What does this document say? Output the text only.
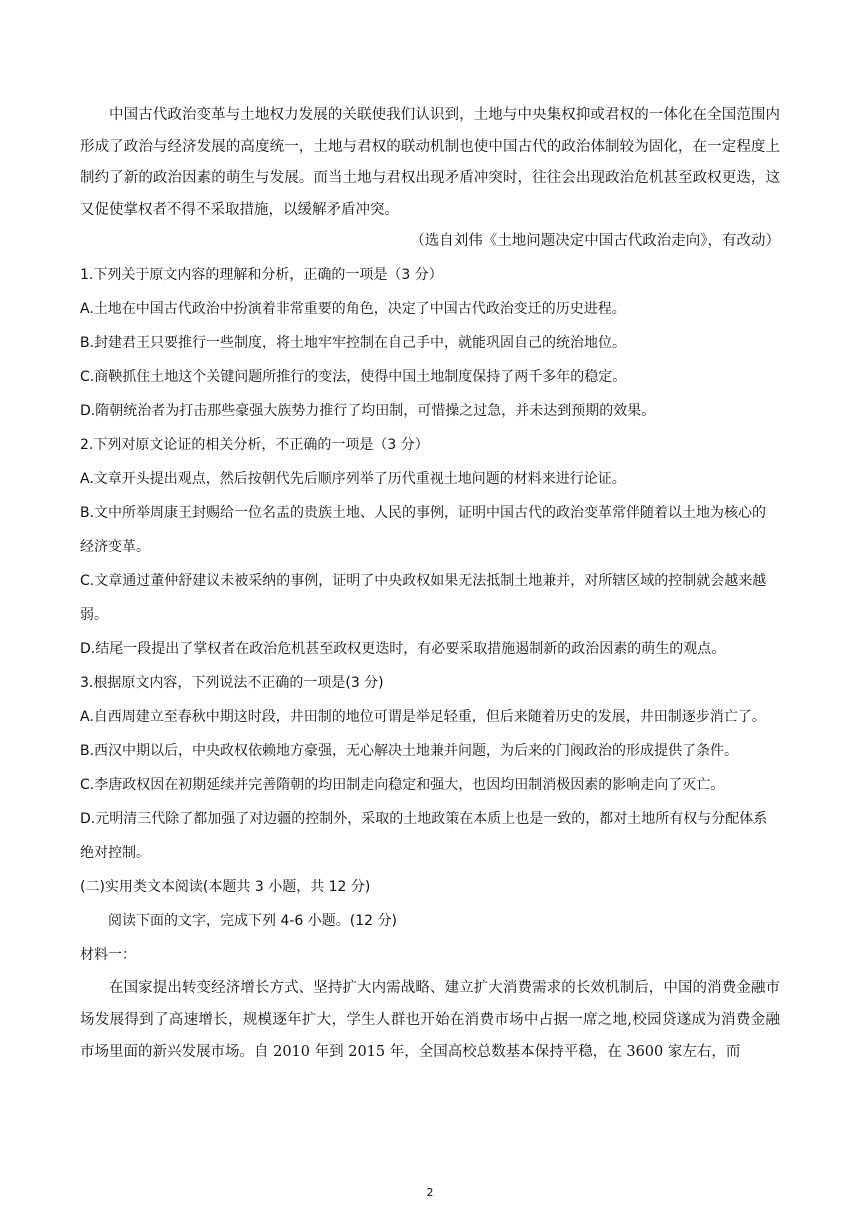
中国古代政治变革与土地权力发展的关联使我们认识到，土地与中央集权抑或君权的一体化在全国范围内形成了政治与经济发展的高度统一，土地与君权的联动机制也使中国古代的政治体制较为固化，在一定程度上制约了新的政治因素的萌生与发展。而当土地与君权出现矛盾冲突时，往往会出现政治危机甚至政权更迭，这又促使掌权者不得不采取措施，以缓解矛盾冲突。

（选自刘伟《土地问题决定中国古代政治走向》，有改动）

1.下列关于原文内容的理解和分析，正确的一项是（3 分）

A.土地在中国古代政治中扮演着非常重要的角色，决定了中国古代政治变迁的历史进程。

B.封建君王只要推行一些制度，将土地牢牢控制在自己手中，就能巩固自己的统治地位。

C.商鞅抓住土地这个关键问题所推行的变法，使得中国土地制度保持了两千多年的稳定。

D.隋朝统治者为打击那些豪强大族势力推行了均田制，可惜操之过急，并未达到预期的效果。

2.下列对原文论证的相关分析，不正确的一项是（3 分）

A.文章开头提出观点，然后按朝代先后顺序列举了历代重视土地问题的材料来进行论证。

B.文中所举周康王封赐给一位名盂的贵族土地、人民的事例，证明中国古代的政治变革常伴随着以土地为核心的经济变革。

C.文章通过董仲舒建议未被采纳的事例，证明了中央政权如果无法抵制土地兼并，对所辖区域的控制就会越来越弱。

D.结尾一段提出了掌权者在政治危机甚至政权更迭时，有必要采取措施遏制新的政治因素的萌生的观点。

3.根据原文内容，下列说法不正确的一项是(3 分)

A.自西周建立至春秋中期这时段，井田制的地位可谓是举足轻重，但后来随着历史的发展，井田制逐步消亡了。

B.西汉中期以后，中央政权依赖地方豪强，无心解决土地兼并问题，为后来的门阀政治的形成提供了条件。

C.李唐政权因在初期延续并完善隋朝的均田制走向稳定和强大，也因均田制消极因素的影响走向了灭亡。

D.元明清三代除了都加强了对边疆的控制外，采取的土地政策在本质上也是一致的，都对土地所有权与分配体系绝对控制。

(二)实用类文本阅读(本题共 3 小题，共 12 分)

阅读下面的文字，完成下列 4-6 小题。(12 分)

材料一：

在国家提出转变经济增长方式、坚持扩大内需战略、建立扩大消费需求的长效机制后，中国的消费金融市场发展得到了高速增长，规模逐年扩大，学生人群也开始在消费市场中占据一席之地,校园贷遂成为消费金融市场里面的新兴发展市场。自 2010 年到 2015 年，全国高校总数基本保持平稳，在 3600 家左右，而

2
